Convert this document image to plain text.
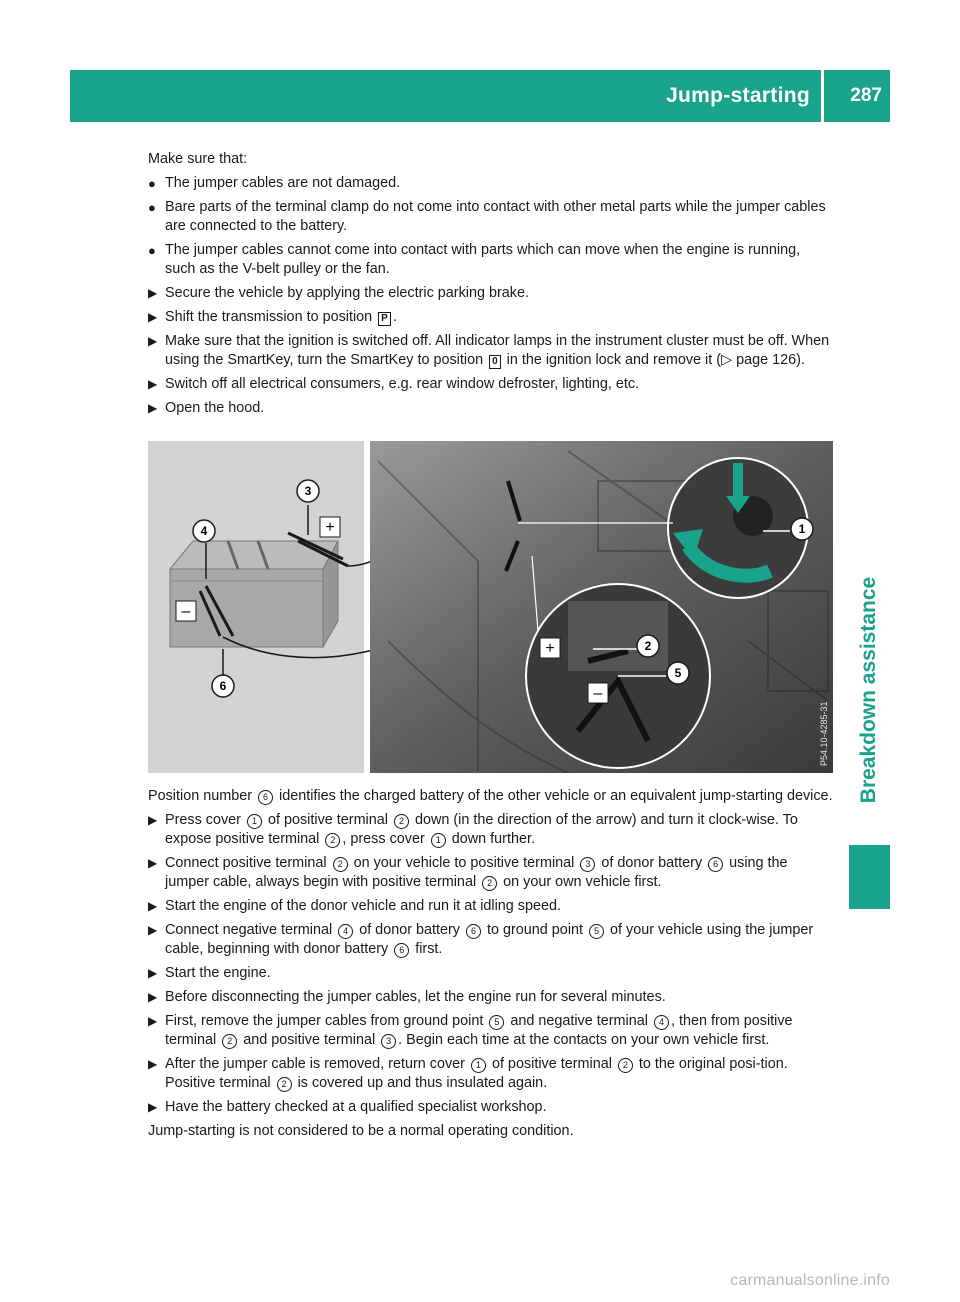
Jump-starting 287
Breakdown assistance

Make sure that:

● The jumper cables are not damaged.
● Bare parts of the terminal clamp do not come into contact with other metal parts while the jumper cables are connected to the battery.
● The jumper cables cannot come into contact with parts which can move when the engine is running, such as the V-belt pulley or the fan.
▶ Secure the vehicle by applying the electric parking brake.
▶ Shift the transmission to position P .
▶ Make sure that the ignition is switched off. All indicator lamps in the instrument cluster must be off. When using the SmartKey, turn the SmartKey to position 0 in the ignition lock and remove it (▷ page 126).
▶ Switch off all electrical consumers, e.g. rear window defroster, lighting, etc.
▶ Open the hood.
+
–
+
–
1
2
3
4
5
6
P54.10-4285-31

Position number 6 identifies the charged battery of the other vehicle or an equivalent jump-starting device.

▶ Press cover 1 of positive terminal 2 down (in the direction of the arrow) and turn it clock-wise. To expose positive terminal 2 , press cover 1 down further.
▶ Connect positive terminal 2 on your vehicle to positive terminal 3 of donor battery 6 using the jumper cable, always begin with positive terminal 2 on your own vehicle first.
▶ Start the engine of the donor vehicle and run it at idling speed.
▶ Connect negative terminal 4 of donor battery 6 to ground point 5 of your vehicle using the jumper cable, beginning with donor battery 6 first.
▶ Start the engine.
▶ Before disconnecting the jumper cables, let the engine run for several minutes.
▶ First, remove the jumper cables from ground point 5 and negative terminal 4 , then from positive terminal 2 and positive terminal 3 . Begin each time at the contacts on your own vehicle first.
▶ After the jumper cable is removed, return cover 1 of positive terminal 2 to the original posi-tion. Positive terminal 2 is covered up and thus insulated again.
▶ Have the battery checked at a qualified specialist workshop.

Jump-starting is not considered to be a normal operating condition.

carmanualsonline.info
